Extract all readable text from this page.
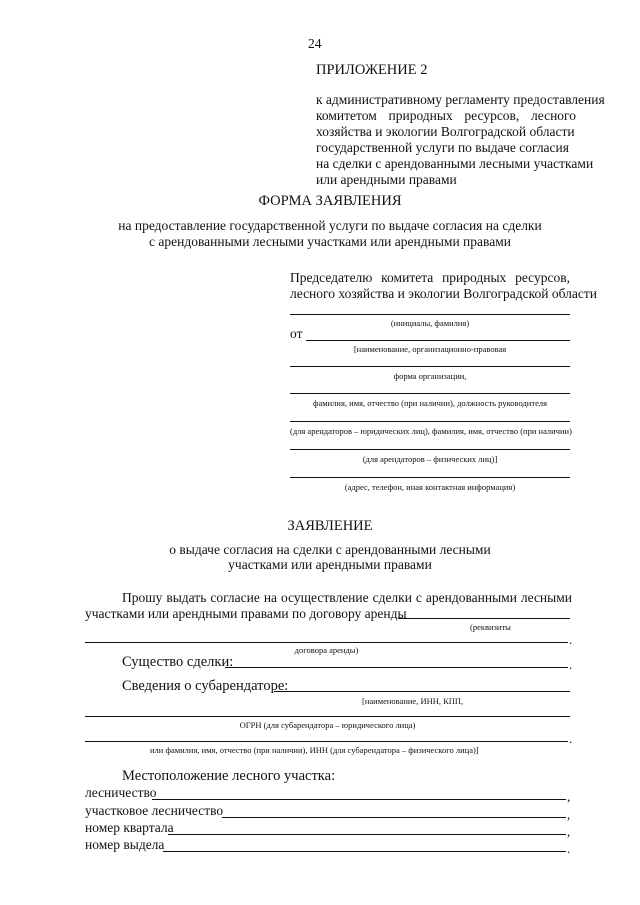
24
ПРИЛОЖЕНИЕ 2
к административному регламенту предоставления
комитетом природных ресурсов, лесного
хозяйства и экологии Волгоградской области
государственной услуги по выдаче согласия
на сделки с арендованными лесными участками
или арендными правами
ФОРМА ЗАЯВЛЕНИЯ
на предоставление государственной услуги по выдаче согласия на сделки
с арендованными лесными участками или арендными правами
Председателю комитета природных ресурсов,
лесного хозяйства и экологии Волгоградской области
(инициалы, фамилия)
от
[наименование, организационно-правовая
форма организации,
фамилия, имя, отчество (при наличии), должность руководителя
(для арендаторов – юридических лиц), фамилия, имя, отчество (при наличии)
(для арендаторов – физических лиц)]
(адрес, телефон, иная контактная информация)
ЗАЯВЛЕНИЕ
о выдаче согласия на сделки с арендованными лесными
участками или арендными правами
Прошу выдать согласие на осуществление сделки с арендованными лесными
участками или арендными правами по договору аренды
(реквизиты
.
договора аренды)
Существо сделки:	.
Сведения о субарендаторе:
[наименование, ИНН, КПП,
ОГРН (для субарендатора – юридического лица)
.
или фамилия, имя, отчество (при наличии), ИНН (для субарендатора – физического лица)]
Местоположение лесного участка:
лесничество	,
участковое лесничество	,
номер квартала	,
номер выдела	.
